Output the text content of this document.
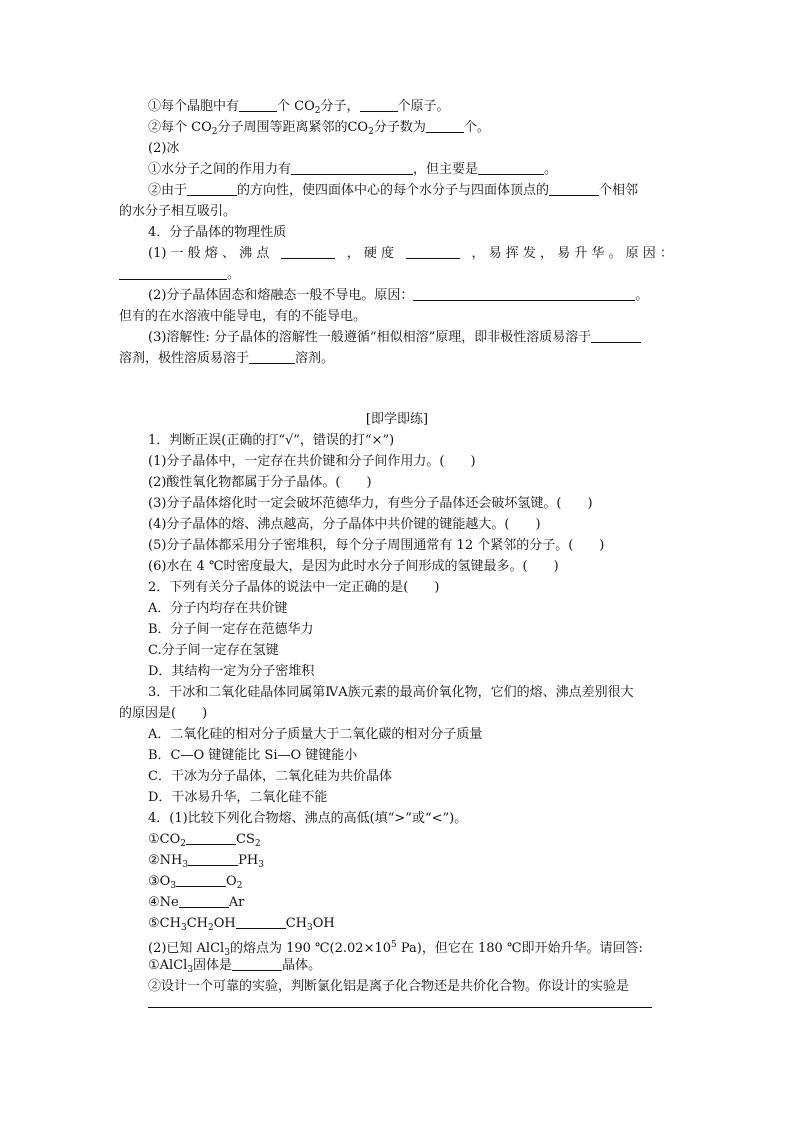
①每个晶胞中有	个 $CO_2$分子，	个原子。
②每个 $CO_2$分子周围等距离紧邻的$CO_2$分子数为	个。
(2)冰
①水分子之间的作用力有	，但主要是	。
②由于	的方向性，使四面体中心的每个水分子与四面体顶点的	个相邻
的水分子相互吸引。
4．分子晶体的物理性质
(1) 一 般 熔 、 沸 点	， 硬 度	， 易 挥 发 ， 易 升 华 。 原 因 ：
。
(2)分子晶体固态和熔融态一般不导电。原因：	。
但有的在水溶液中能导电，有的不能导电。
(3)溶解性: 分子晶体的溶解性一般遵循“相似相溶”原理，即非极性溶质易溶于
溶剂，极性溶质易溶于	溶剂。
[即学即练]
1．判断正误(正确的打“√”，错误的打“×”)
(1)分子晶体中，一定存在共价键和分子间作用力。(　　)
(2)酸性氧化物都属于分子晶体。(　　)
(3)分子晶体熔化时一定会破坏范德华力，有些分子晶体还会破坏氢键。(　　)
(4)分子晶体的熔、沸点越高，分子晶体中共价键的键能越大。(　　)
(5)分子晶体都采用分子密堆积，每个分子周围通常有 12 个紧邻的分子。(　　)
(6)水在 4 ℃时密度最大，是因为此时水分子间形成的氢键最多。(　　)
2．下列有关分子晶体的说法中一定正确的是(　　)
A．分子内均存在共价键
B．分子间一定存在范德华力
C.分子间一定存在氢键
D．其结构一定为分子密堆积
3．干冰和二氧化硅晶体同属第ⅣA族元素的最高价氧化物，它们的熔、沸点差别很大
的原因是(　　)
A．二氧化硅的相对分子质量大于二氧化碳的相对分子质量
B．C—O 键键能比 Si—O 键键能小
C．干冰为分子晶体，二氧化硅为共价晶体
D．干冰易升华，二氧化硅不能
4．(1)比较下列化合物熔、沸点的高低(填“>”或“<”)。
$①CO_2$	$CS_2$
$②NH_3$	$PH_3$
$③O_3$	$O_2$
④Ne	Ar
$⑤CH_3CH_2OH$	$CH_3OH$
(2)已知 AlCl$_3$的熔点为 190 $℃(2.02\times 10^5$ Pa)，但它在 180 ℃即开始升华。请回答:
①AlCl$_3$固体是	晶体。
②设计一个可靠的实验，判断氯化铝是离子化合物还是共价化合物。你设计的实验是
